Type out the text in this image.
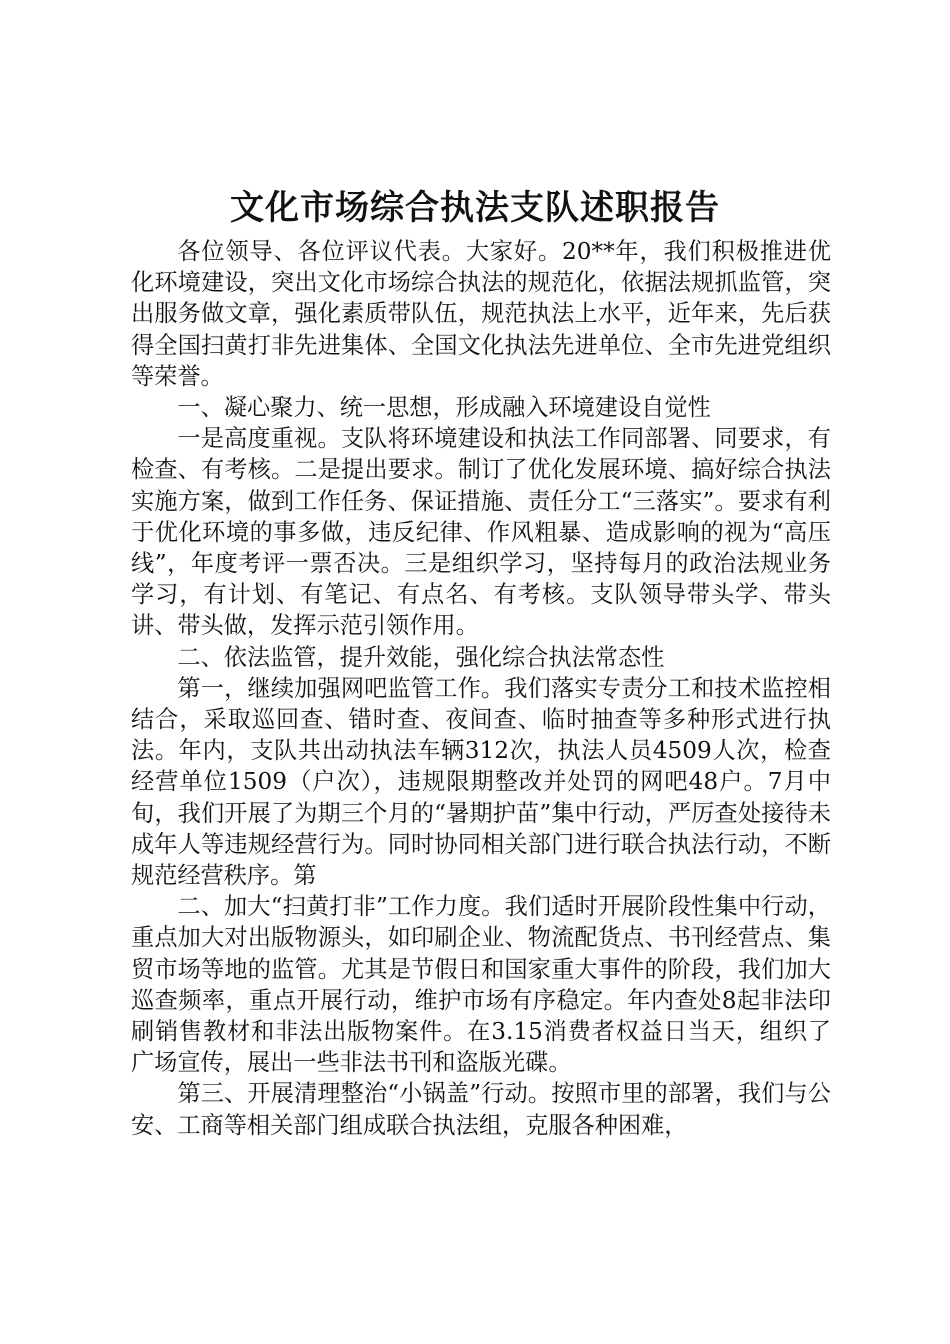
文化市场综合执法支队述职报告

各位领导、各位评议代表。大家好。20**年，我们积极推进优化环境建设，突出文化市场综合执法的规范化，依据法规抓监管，突出服务做文章，强化素质带队伍，规范执法上水平，近年来，先后获得全国扫黄打非先进集体、全国文化执法先进单位、全市先进党组织等荣誉。

一、凝心聚力、统一思想，形成融入环境建设自觉性

一是高度重视。支队将环境建设和执法工作同部署、同要求，有检查、有考核。二是提出要求。制订了优化发展环境、搞好综合执法实施方案，做到工作任务、保证措施、责任分工“三落实”。要求有利于优化环境的事多做，违反纪律、作风粗暴、造成影响的视为“高压线”，年度考评一票否决。三是组织学习，坚持每月的政治法规业务学习，有计划、有笔记、有点名、有考核。支队领导带头学、带头讲、带头做，发挥示范引领作用。

二、依法监管，提升效能，强化综合执法常态性

第一，继续加强网吧监管工作。我们落实专责分工和技术监控相结合，采取巡回查、错时查、夜间查、临时抽查等多种形式进行执法。年内，支队共出动执法车辆312次，执法人员4509人次，检查经营单位1509（户次），违规限期整改并处罚的网吧48户。7月中旬，我们开展了为期三个月的“暑期护苗”集中行动，严厉查处接待未成年人等违规经营行为。同时协同相关部门进行联合执法行动，不断规范经营秩序。第

二、加大“扫黄打非”工作力度。我们适时开展阶段性集中行动，重点加大对出版物源头，如印刷企业、物流配货点、书刊经营点、集贸市场等地的监管。尤其是节假日和国家重大事件的阶段，我们加大巡查频率，重点开展行动，维护市场有序稳定。年内查处8起非法印刷销售教材和非法出版物案件。在3.15消费者权益日当天，组织了广场宣传，展出一些非法书刊和盗版光碟。

第三、开展清理整治“小锅盖”行动。按照市里的部署，我们与公安、工商等相关部门组成联合执法组，克服各种困难，
